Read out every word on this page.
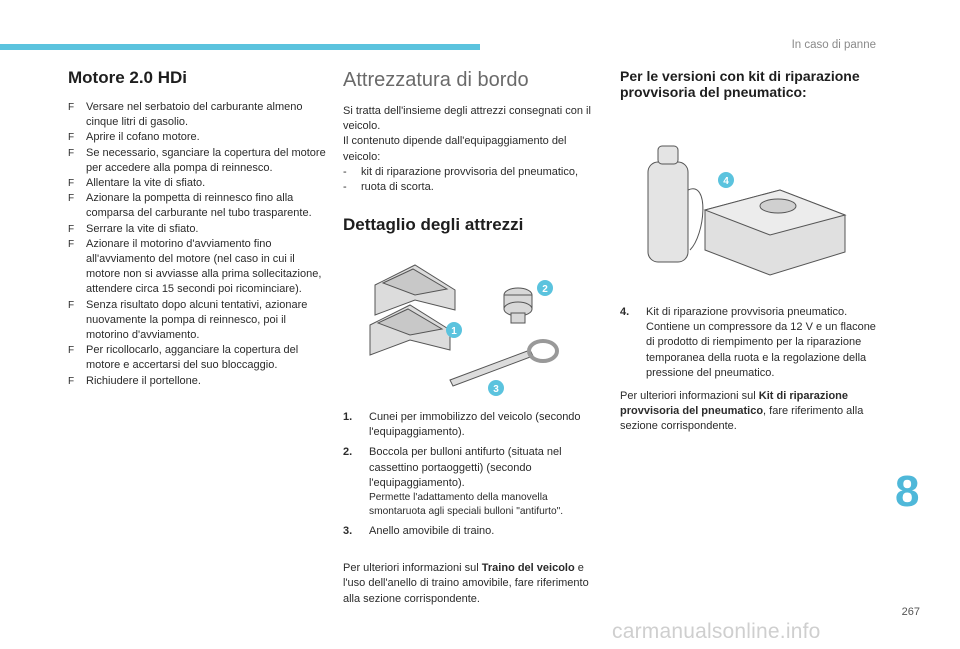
In caso di panne
Motore 2.0 HDi
F Versare nel serbatoio del carburante almeno cinque litri di gasolio.
F Aprire il cofano motore.
F Se necessario, sganciare la copertura del motore per accedere alla pompa di reinnesco.
F Allentare la vite di sfiato.
F Azionare la pompetta di reinnesco fino alla comparsa del carburante nel tubo trasparente.
F Serrare la vite di sfiato.
F Azionare il motorino d'avviamento fino all'avviamento del motore (nel caso in cui il motore non si avviasse alla prima sollecitazione, attendere circa 15 secondi poi ricominciare).
F Senza risultato dopo alcuni tentativi, azionare nuovamente la pompa di reinnesco, poi il motorino d'avviamento.
F Per ricollocarlo, agganciare la copertura del motore e accertarsi del suo bloccaggio.
F Richiudere il portellone.
Attrezzatura di bordo

Si tratta dell'insieme degli attrezzi consegnati con il veicolo.

Il contenuto dipende dall'equipaggiamento del veicolo:

- kit di riparazione provvisoria del pneumatico,
- ruota di scorta.
Dettaglio degli attrezzi
1
2
3
1. Cunei per immobilizzo del veicolo (secondo l'equipaggiamento).
2. Boccola per bulloni antifurto (situata nel cassettino portaoggetti) (secondo l'equipaggiamento).
Permette l'adattamento della manovella smontaruota agli speciali bulloni "antifurto".
3. Anello amovibile di traino.

Per ulteriori informazioni sul Traino del veicolo e l'uso dell'anello di traino amovibile, fare riferimento alla sezione corrispondente.

Per le versioni con kit di riparazione provvisoria del pneumatico:
4
4. Kit di riparazione provvisoria pneumatico. Contiene un compressore da 12 V e un flacone di prodotto di riempimento per la riparazione temporanea della ruota e la regolazione della pressione del pneumatico.

Per ulteriori informazioni sul Kit di riparazione provvisoria del pneumatico, fare riferimento alla sezione corrispondente.

8
267
carmanualsonline.info
